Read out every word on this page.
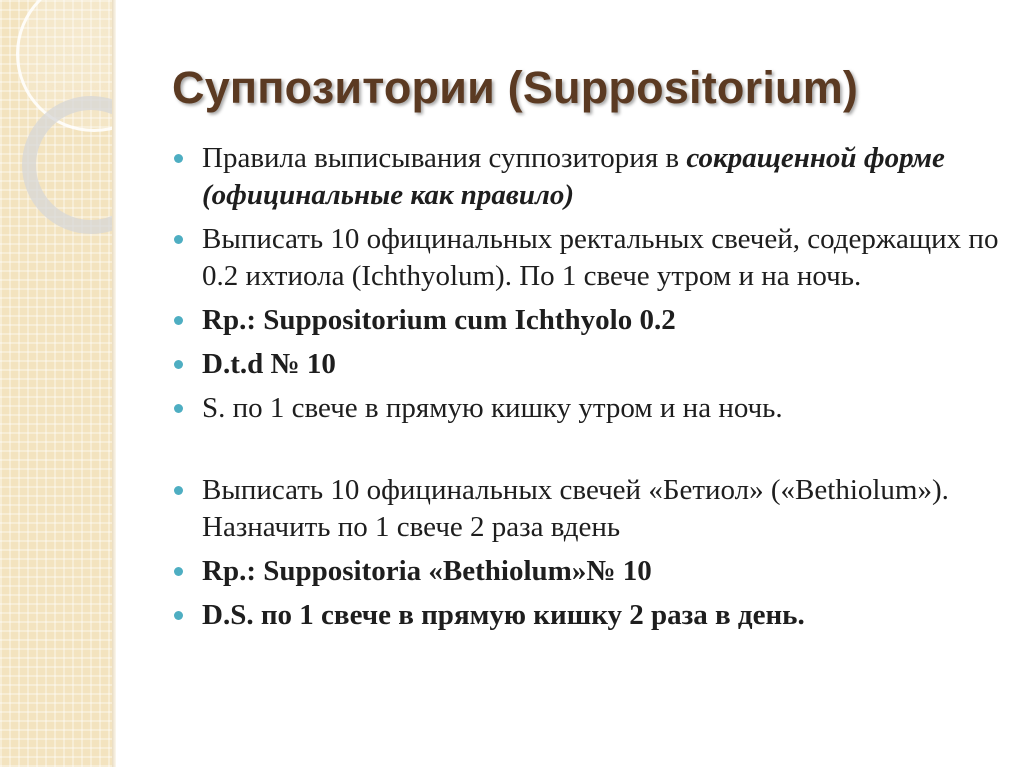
Суппозитории (Suppositorium)
Правила выписывания суппозитория в сокращенной форме (официнальные как правило)
Выписать 10 официнальных ректальных свечей, содержащих по 0.2 ихтиола (Ichthyolum). По 1 свече утром и на ночь.
Rp.: Suppositorium cum Ichthyolo 0.2
D.t.d № 10
S. по 1 свече в прямую кишку утром и на ночь.
Выписать 10 официнальных свечей «Бетиол» («Bethiolum»). Назначить по 1 свече 2 раза вдень
Rp.: Suppositoria «Bethiolum»№ 10
D.S. по 1 свече в прямую кишку 2 раза в день.
